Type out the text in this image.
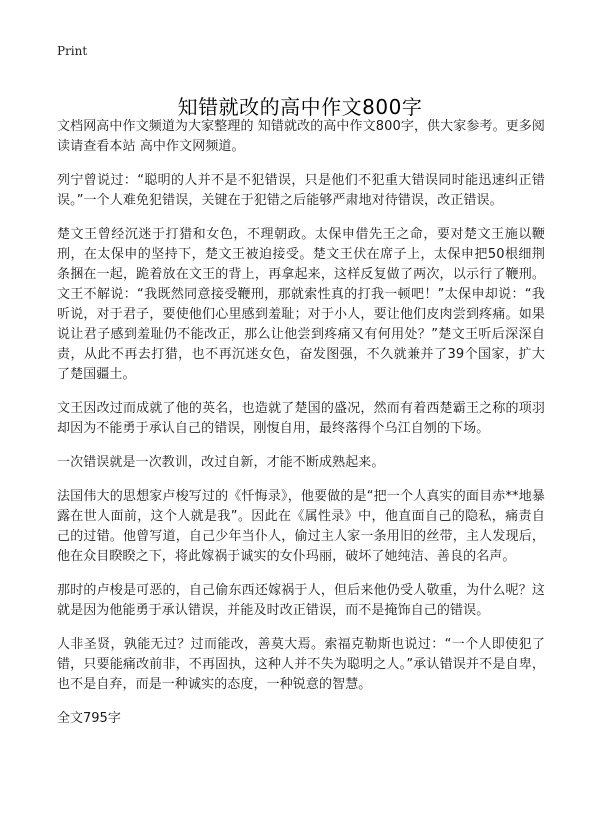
Print
知错就改的高中作文800字

文档网高中作文频道为大家整理的 知错就改的高中作文800字，供大家参考。更多阅读请查看本站 高中作文网频道。

列宁曾说过：“聪明的人并不是不犯错误，只是他们不犯重大错误同时能迅速纠正错误。”一个人难免犯错误，关键在于犯错之后能够严肃地对待错误，改正错误。

楚文王曾经沉迷于打猎和女色，不理朝政。太保申借先王之命，要对楚文王施以鞭刑，在太保申的坚持下，楚文王被迫接受。楚文王伏在席子上，太保申把50根细荆条捆在一起，跪着放在文王的背上，再拿起来，这样反复做了两次，以示行了鞭刑。文王不解说：“我既然同意接受鞭刑，那就索性真的打我一顿吧！”太保申却说：“我听说，对于君子，要使他们心里感到羞耻；对于小人，要让他们皮肉尝到疼痛。如果说让君子感到羞耻仍不能改正，那么让他尝到疼痛又有何用处？”楚文王听后深深自责，从此不再去打猎，也不再沉迷女色，奋发图强，不久就兼并了39个国家，扩大了楚国疆土。

文王因改过而成就了他的英名，也造就了楚国的盛况，然而有着西楚霸王之称的项羽却因为不能勇于承认自己的错误，刚愎自用，最终落得个乌江自刎的下场。

一次错误就是一次教训，改过自新，才能不断成熟起来。

法国伟大的思想家卢梭写过的《忏悔录》，他要做的是“把一个人真实的面目赤**地暴露在世人面前，这个人就是我”。因此在《属性录》中，他直面自己的隐私，痛责自己的过错。他曾写道，自己少年当仆人，偷过主人家一条用旧的丝带，主人发现后，他在众目睽睽之下，将此嫁祸于诚实的女仆玛丽，破坏了她纯洁、善良的名声。

那时的卢梭是可恶的，自己偷东西还嫁祸于人，但后来他仍受人敬重，为什么呢？这就是因为他能勇于承认错误，并能及时改正错误，而不是掩饰自己的错误。

人非圣贤，孰能无过？过而能改，善莫大焉。索福克勒斯也说过：“一个人即使犯了错，只要能痛改前非，不再固执，这种人并不失为聪明之人。”承认错误并不是自卑，也不是自弃，而是一种诚实的态度，一种锐意的智慧。

全文795字
